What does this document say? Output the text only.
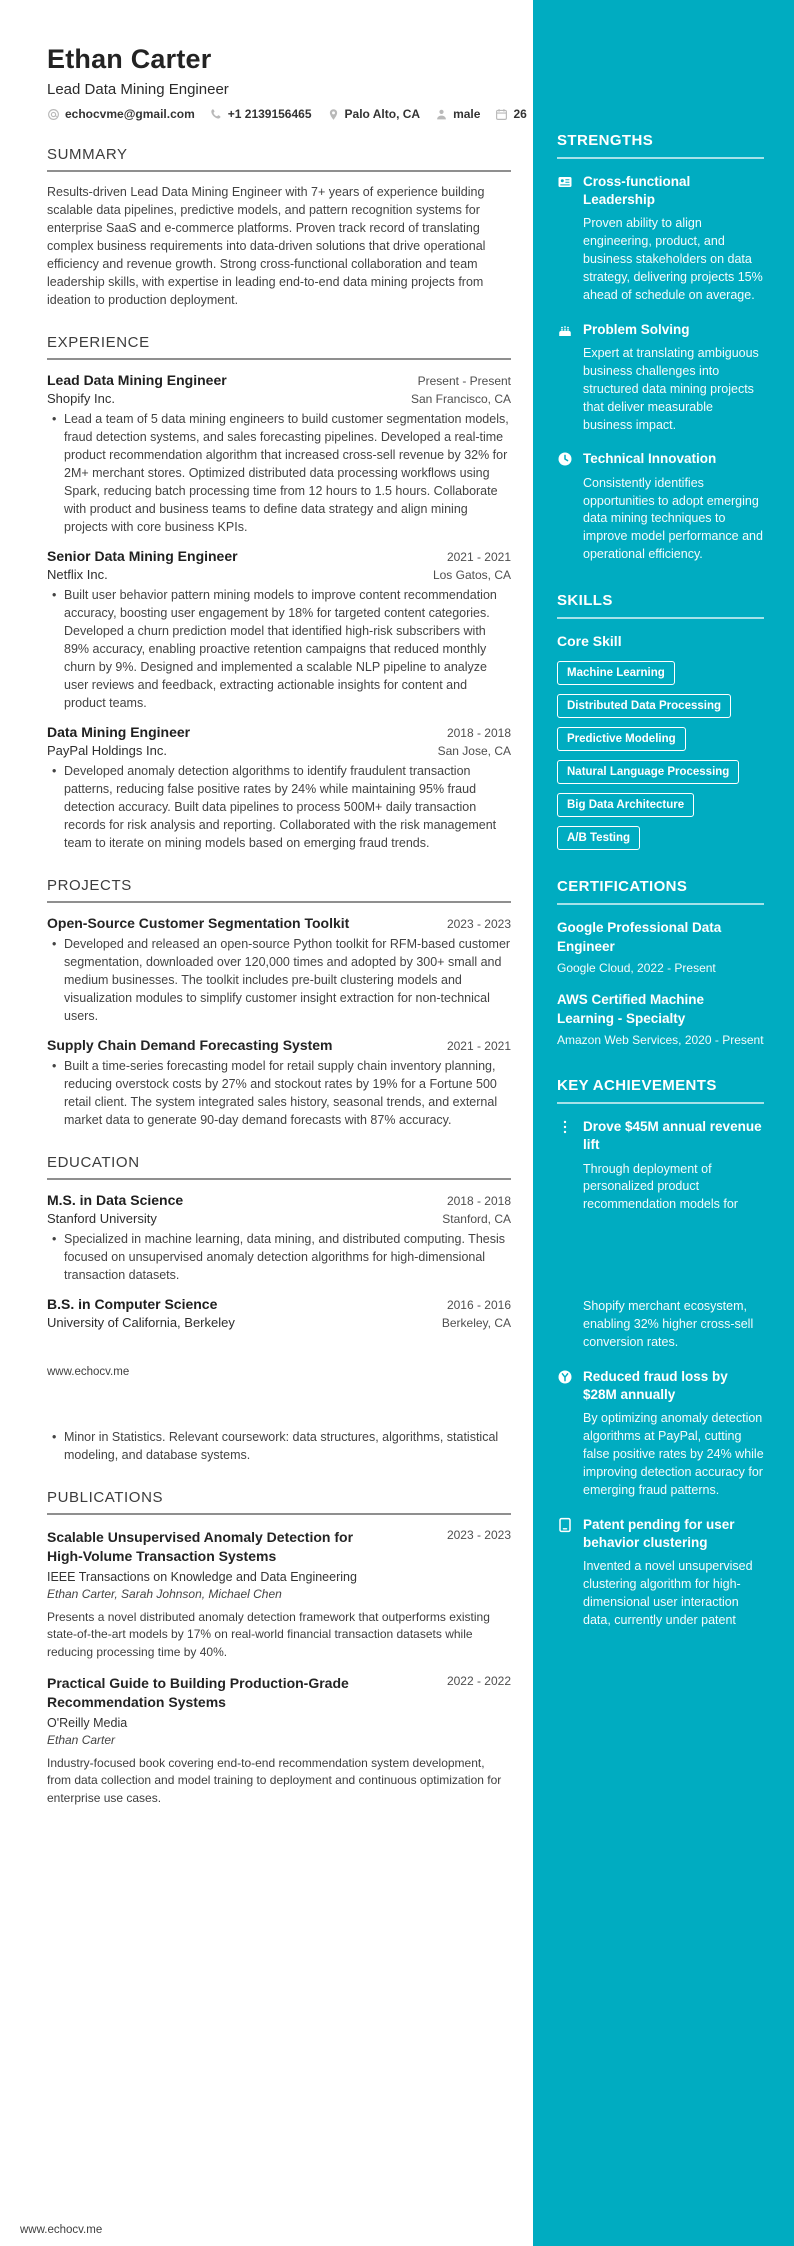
Ethan Carter
Lead Data Mining Engineer
echocvme@gmail.com	+1 2139156465	Palo Alto, CA	male	26
SUMMARY

Results-driven Lead Data Mining Engineer with 7+ years of experience building scalable data pipelines, predictive models, and pattern recognition systems for enterprise SaaS and e-commerce platforms. Proven track record of translating complex business requirements into data-driven solutions that drive operational efficiency and revenue growth. Strong cross-functional collaboration and team leadership skills, with expertise in leading end-to-end data mining projects from ideation to production deployment.

EXPERIENCE
Lead Data Mining Engineer	Present - Present
Shopify Inc.	San Francisco, CA
• Lead a team of 5 data mining engineers to build customer segmentation models, fraud detection systems, and sales forecasting pipelines. Developed a real-time product recommendation algorithm that increased cross-sell revenue by 32% for 2M+ merchant stores. Optimized distributed data processing workflows using Spark, reducing batch processing time from 12 hours to 1.5 hours. Collaborate with product and business teams to define data strategy and align mining projects with core business KPIs.
Senior Data Mining Engineer	2021 - 2021
Netflix Inc.	Los Gatos, CA
• Built user behavior pattern mining models to improve content recommendation accuracy, boosting user engagement by 18% for targeted content categories. Developed a churn prediction model that identified high-risk subscribers with 89% accuracy, enabling proactive retention campaigns that reduced monthly churn by 9%. Designed and implemented a scalable NLP pipeline to analyze user reviews and feedback, extracting actionable insights for content and product teams.
Data Mining Engineer	2018 - 2018
PayPal Holdings Inc.	San Jose, CA
• Developed anomaly detection algorithms to identify fraudulent transaction patterns, reducing false positive rates by 24% while maintaining 95% fraud detection accuracy. Built data pipelines to process 500M+ daily transaction records for risk analysis and reporting. Collaborated with the risk management team to iterate on mining models based on emerging fraud trends.
PROJECTS
Open-Source Customer Segmentation Toolkit	2023 - 2023
• Developed and released an open-source Python toolkit for RFM-based customer segmentation, downloaded over 120,000 times and adopted by 300+ small and medium businesses. The toolkit includes pre-built clustering models and visualization modules to simplify customer insight extraction for non-technical users.
Supply Chain Demand Forecasting System	2021 - 2021
• Built a time-series forecasting model for retail supply chain inventory planning, reducing overstock costs by 27% and stockout rates by 19% for a Fortune 500 retail client. The system integrated sales history, seasonal trends, and external market data to generate 90-day demand forecasts with 87% accuracy.
EDUCATION
M.S. in Data Science	2018 - 2018
Stanford University	Stanford, CA
• Specialized in machine learning, data mining, and distributed computing. Thesis focused on unsupervised anomaly detection algorithms for high-dimensional transaction datasets.
B.S. in Computer Science	2016 - 2016
University of California, Berkeley	Berkeley, CA
www.echocv.me
• Minor in Statistics. Relevant coursework: data structures, algorithms, statistical modeling, and database systems.
PUBLICATIONS
Scalable Unsupervised Anomaly Detection for High-Volume Transaction Systems
2023 - 2023
IEEE Transactions on Knowledge and Data Engineering
Ethan Carter, Sarah Johnson, Michael Chen

Presents a novel distributed anomaly detection framework that outperforms existing state-of-the-art models by 17% on real-world financial transaction datasets while reducing processing time by 40%.

Practical Guide to Building Production-Grade Recommendation Systems
2022 - 2022
O'Reilly Media
Ethan Carter

Industry-focused book covering end-to-end recommendation system development, from data collection and model training to deployment and continuous optimization for enterprise use cases.

STRENGTHS
Cross-functional Leadership
Proven ability to align engineering, product, and business stakeholders on data strategy, delivering projects 15% ahead of schedule on average.
Problem Solving
Expert at translating ambiguous business challenges into structured data mining projects that deliver measurable business impact.
Technical Innovation
Consistently identifies opportunities to adopt emerging data mining techniques to improve model performance and operational efficiency.
SKILLS
Core Skill
Machine Learning
Distributed Data Processing
Predictive Modeling
Natural Language Processing
Big Data Architecture
A/B Testing
CERTIFICATIONS
Google Professional Data Engineer
Google Cloud, 2022 - Present
AWS Certified Machine Learning - Specialty
Amazon Web Services, 2020 - Present
KEY ACHIEVEMENTS
Drove $45M annual revenue lift
Through deployment of personalized product recommendation models for
Shopify merchant ecosystem, enabling 32% higher cross-sell conversion rates.
Reduced fraud loss by $28M annually
By optimizing anomaly detection algorithms at PayPal, cutting false positive rates by 24% while improving detection accuracy for emerging fraud patterns.
Patent pending for user behavior clustering
Invented a novel unsupervised clustering algorithm for high-dimensional user interaction data, currently under patent
www.echocv.me
